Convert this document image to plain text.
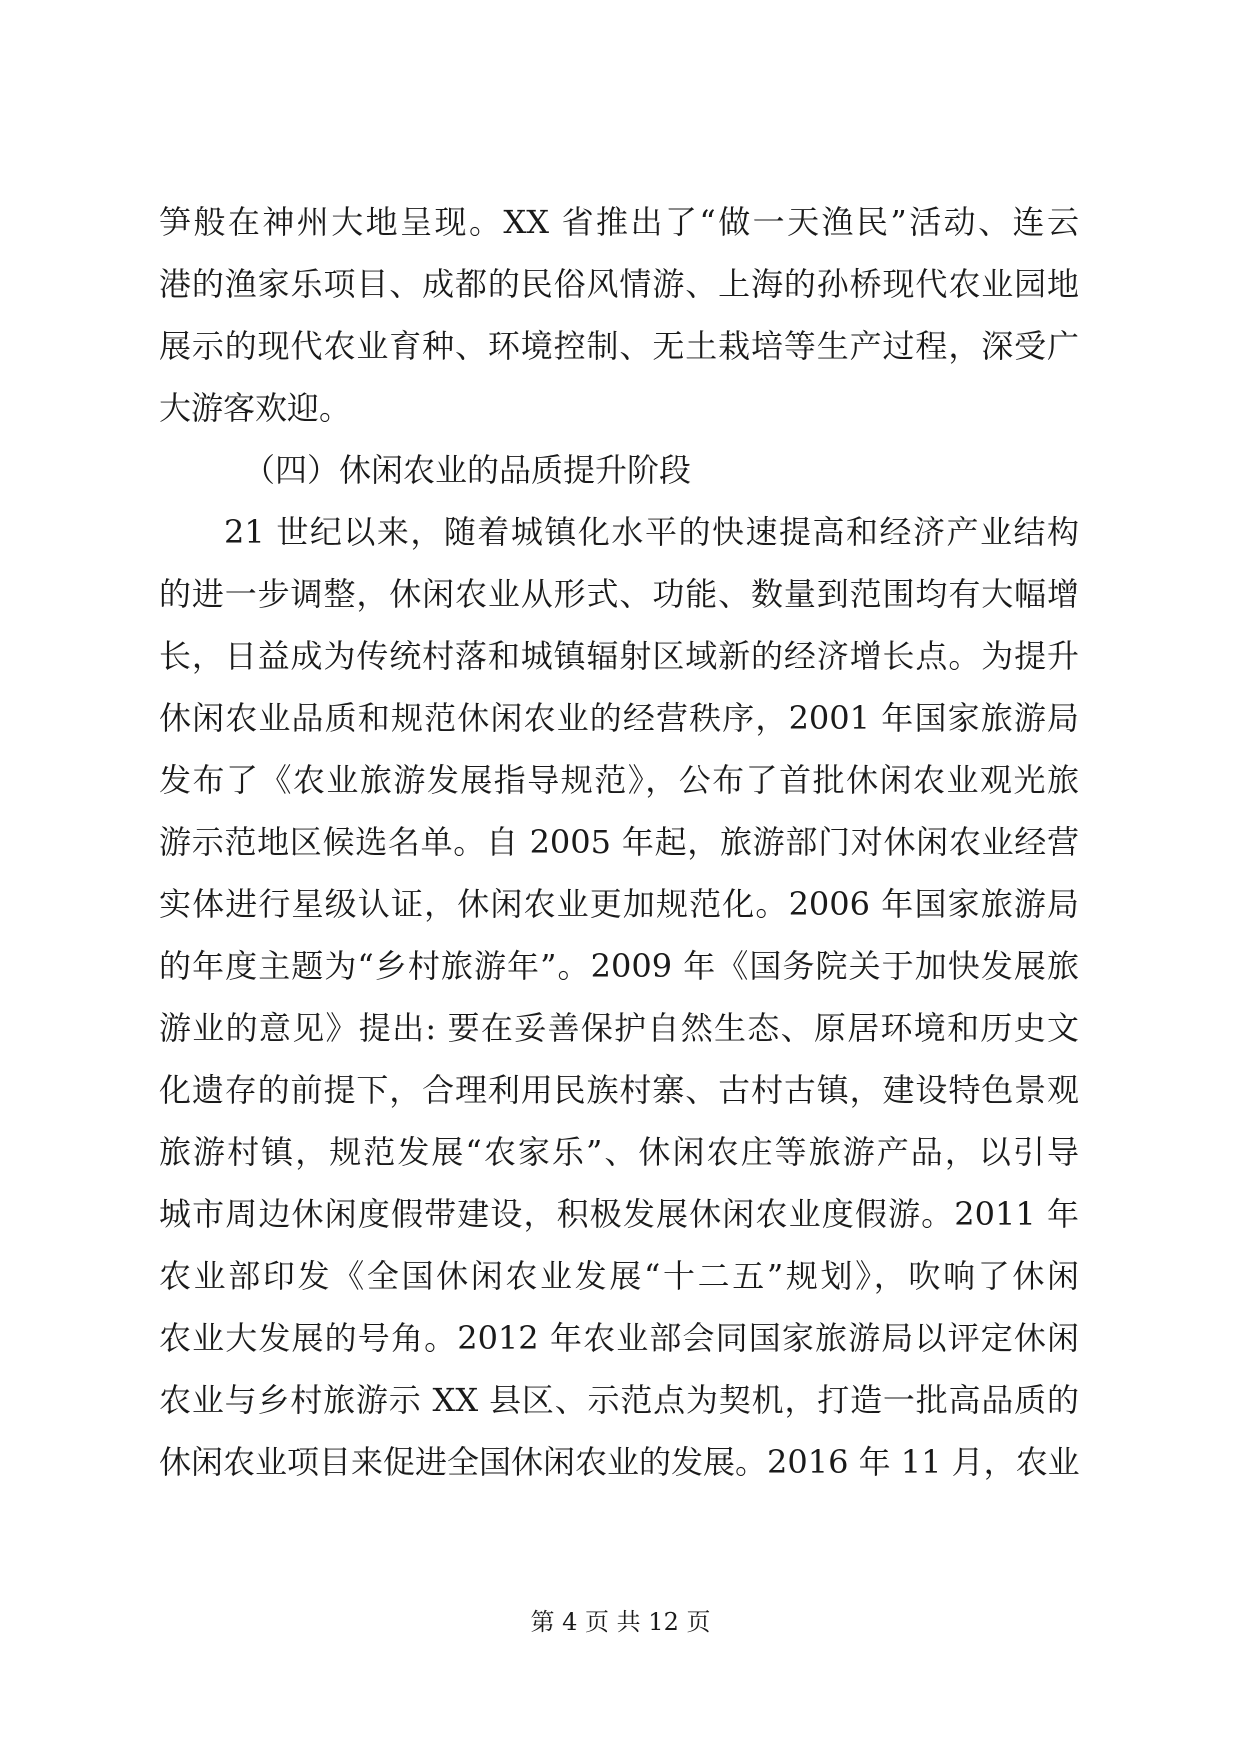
笋般在神州大地呈现。XX 省推出了“做一天渔民”活动、连云
港的渔家乐项目、成都的民俗风情游、上海的孙桥现代农业园地
展示的现代农业育种、环境控制、无土栽培等生产过程，深受广
大游客欢迎。
（四）休闲农业的品质提升阶段
21 世纪以来，随着城镇化水平的快速提高和经济产业结构
的进一步调整，休闲农业从形式、功能、数量到范围均有大幅增
长，日益成为传统村落和城镇辐射区域新的经济增长点。为提升
休闲农业品质和规范休闲农业的经营秩序，2001 年国家旅游局
发布了《农业旅游发展指导规范》，公布了首批休闲农业观光旅
游示范地区候选名单。自 2005 年起，旅游部门对休闲农业经营
实体进行星级认证，休闲农业更加规范化。2006 年国家旅游局
的年度主题为“乡村旅游年”。2009 年《国务院关于加快发展旅
游业的意见》提出: 要在妥善保护自然生态、原居环境和历史文
化遗存的前提下，合理利用民族村寨、古村古镇，建设特色景观
旅游村镇，规范发展“农家乐”、休闲农庄等旅游产品，以引导
城市周边休闲度假带建设，积极发展休闲农业度假游。2011 年
农业部印发《全国休闲农业发展“十二五”规划》，吹响了休闲
农业大发展的号角。2012 年农业部会同国家旅游局以评定休闲
农业与乡村旅游示 XX 县区、示范点为契机，打造一批高品质的
休闲农业项目来促进全国休闲农业的发展。2016 年 11 月，农业
第 4 页 共 12 页
